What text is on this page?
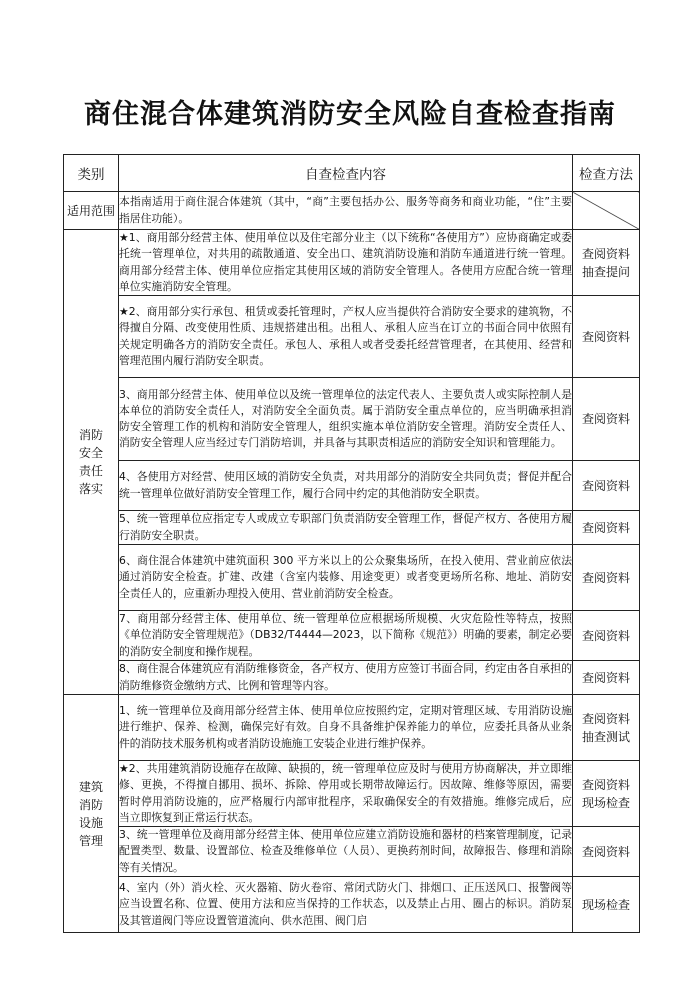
商住混合体建筑消防安全风险自查检查指南
类别	自查检查内容	检查方法
适用范围	本指南适用于商住混合体建筑（其中，“商”主要包括办公、服务等商务和商业功能，“住”主要指居住功能）。	

消防安全责任落实	★1、商用部分经营主体、使用单位以及住宅部分业主（以下统称“各使用方”）应协商确定或委托统一管理单位，对共用的疏散通道、安全出口、建筑消防设施和消防车通道进行统一管理。商用部分经营主体、使用单位应指定其使用区域的消防安全管理人。各使用方应配合统一管理单位实施消防安全管理。	查阅资料
抽查提问
	★2、商用部分实行承包、租赁或委托管理时，产权人应当提供符合消防安全要求的建筑物，不得擅自分隔、改变使用性质、违规搭建出租。出租人、承租人应当在订立的书面合同中依照有关规定明确各方的消防安全责任。承包人、承租人或者受委托经营管理者，在其使用、经营和管理范围内履行消防安全职责。	查阅资料
	3、商用部分经营主体、使用单位以及统一管理单位的法定代表人、主要负责人或实际控制人是本单位的消防安全责任人，对消防安全全面负责。属于消防安全重点单位的，应当明确承担消防安全管理工作的机构和消防安全管理人，组织实施本单位消防安全管理。消防安全责任人、消防安全管理人应当经过专门消防培训，并具备与其职责相适应的消防安全知识和管理能力。	查阅资料
	4、各使用方对经营、使用区域的消防安全负责，对共用部分的消防安全共同负责；督促并配合统一管理单位做好消防安全管理工作，履行合同中约定的其他消防安全职责。	查阅资料
	5、统一管理单位应指定专人或成立专职部门负责消防安全管理工作，督促产权方、各使用方履行消防安全职责。	查阅资料
	6、商住混合体建筑中建筑面积 300 平方米以上的公众聚集场所，在投入使用、营业前应依法通过消防安全检查。扩建、改建（含室内装修、用途变更）或者变更场所名称、地址、消防安全责任人的，应重新办理投入使用、营业前消防安全检查。	查阅资料
	7、商用部分经营主体、使用单位、统一管理单位应根据场所规模、火灾危险性等特点，按照《单位消防安全管理规范》（DB32/T4444—2023，以下简称《规范》）明确的要素，制定必要的消防安全制度和操作规程。	查阅资料
	8、商住混合体建筑应有消防维修资金，各产权方、使用方应签订书面合同，约定由各自承担的消防维修资金缴纳方式、比例和管理等内容。	查阅资料

建筑消防设施管理	1、统一管理单位及商用部分经营主体、使用单位应按照约定，定期对管理区域、专用消防设施进行维护、保养、检测，确保完好有效。自身不具备维护保养能力的单位，应委托具备从业条件的消防技术服务机构或者消防设施施工安装企业进行维护保养。	查阅资料
抽查测试
	★2、共用建筑消防设施存在故障、缺损的，统一管理单位应及时与使用方协商解决，并立即维修、更换，不得擅自挪用、损坏、拆除、停用或长期带故障运行。因故障、维修等原因，需要暂时停用消防设施的，应严格履行内部审批程序，采取确保安全的有效措施。维修完成后，应当立即恢复到正常运行状态。	查阅资料
现场检查
	3、统一管理单位及商用部分经营主体、使用单位应建立消防设施和器材的档案管理制度，记录配置类型、数量、设置部位、检查及维修单位（人员）、更换药剂时间，故障报告、修理和消除等有关情况。	查阅资料
	4、室内（外）消火栓、灭火器箱、防火卷帘、常闭式防火门、排烟口、正压送风口、报警阀等应当设置名称、位置、使用方法和应当保持的工作状态，以及禁止占用、圈占的标识。消防泵及其管道阀门等应设置管道流向、供水范围、阀门启	现场检查
